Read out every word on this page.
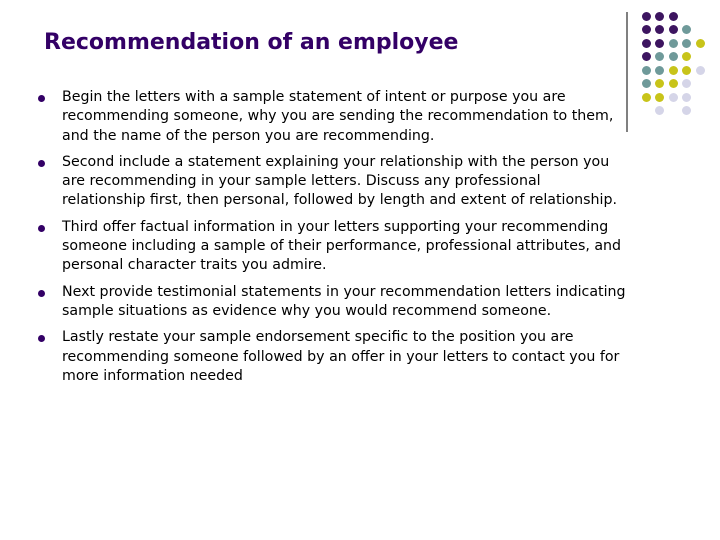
Recommendation of an employee
Begin the letters with a sample statement of intent or purpose you are recommending someone, why you are sending the recommendation to them, and the name of the person you are recommending.
Second include a statement explaining your relationship with the person you are recommending in your sample letters. Discuss any professional relationship first, then personal, followed by length and extent of relationship.
Third offer factual information in your letters supporting your recommending someone including a sample of their performance, professional attributes, and personal character traits you admire.
Next provide testimonial statements in your recommendation letters indicating sample situations as evidence why you would recommend someone.
Lastly restate your sample endorsement specific to the position you are recommending someone followed by an offer in your letters to contact you for more information needed
